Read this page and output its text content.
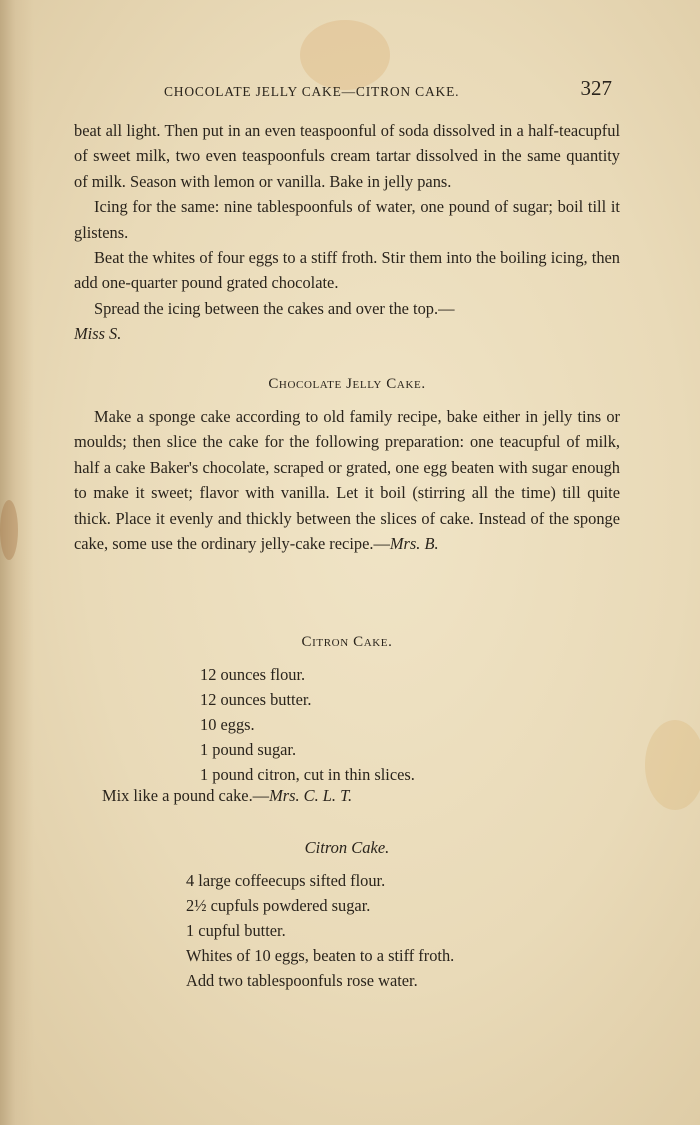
CHOCOLATE JELLY CAKE—CITRON CAKE.	327

beat all light. Then put in an even teaspoonful of soda dissolved in a half-teacupful of sweet milk, two even teaspoonfuls cream tartar dissolved in the same quantity of milk. Season with lemon or vanilla. Bake in jelly pans.

Icing for the same: nine tablespoonfuls of water, one pound of sugar; boil till it glistens.

Beat the whites of four eggs to a stiff froth. Stir them into the boiling icing, then add one-quarter pound grated chocolate.

Spread the icing between the cakes and over the top.—

Miss S.

Chocolate Jelly Cake.

Make a sponge cake according to old family recipe, bake either in jelly tins or moulds; then slice the cake for the following preparation: one teacupful of milk, half a cake Baker's chocolate, scraped or grated, one egg beaten with sugar enough to make it sweet; flavor with vanilla. Let it boil (stirring all the time) till quite thick. Place it evenly and thickly between the slices of cake. Instead of the sponge cake, some use the ordinary jelly-cake recipe.—Mrs. B.

Citron Cake.
12 ounces flour.
12 ounces butter.
10 eggs.
1 pound sugar.
1 pound citron, cut in thin slices.
Mix like a pound cake.—Mrs. C. L. T.
Citron Cake.
4 large coffeecups sifted flour.
2½ cupfuls powdered sugar.
1 cupful butter.
Whites of 10 eggs, beaten to a stiff froth.
Add two tablespoonfuls rose water.
